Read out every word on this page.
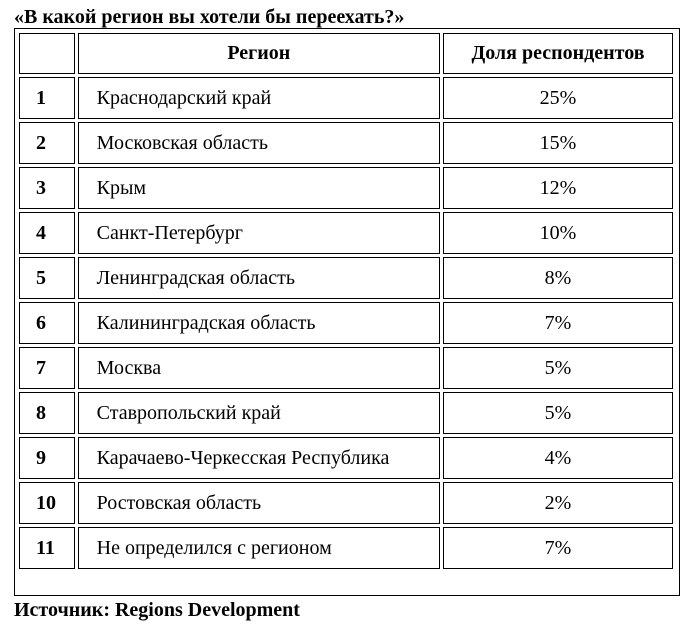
«В какой регион вы хотели бы переехать?»
	Регион	Доля респондентов
1	Краснодарский край	25%
2	Московская область	15%
3	Крым	12%
4	Санкт-Петербург	10%
5	Ленинградская область	8%
6	Калининградская область	7%
7	Москва	5%
8	Ставропольский край	5%
9	Карачаево-Черкесская Республика	4%
10	Ростовская область	2%
11	Не определился с регионом	7%
Источник: Regions Development
